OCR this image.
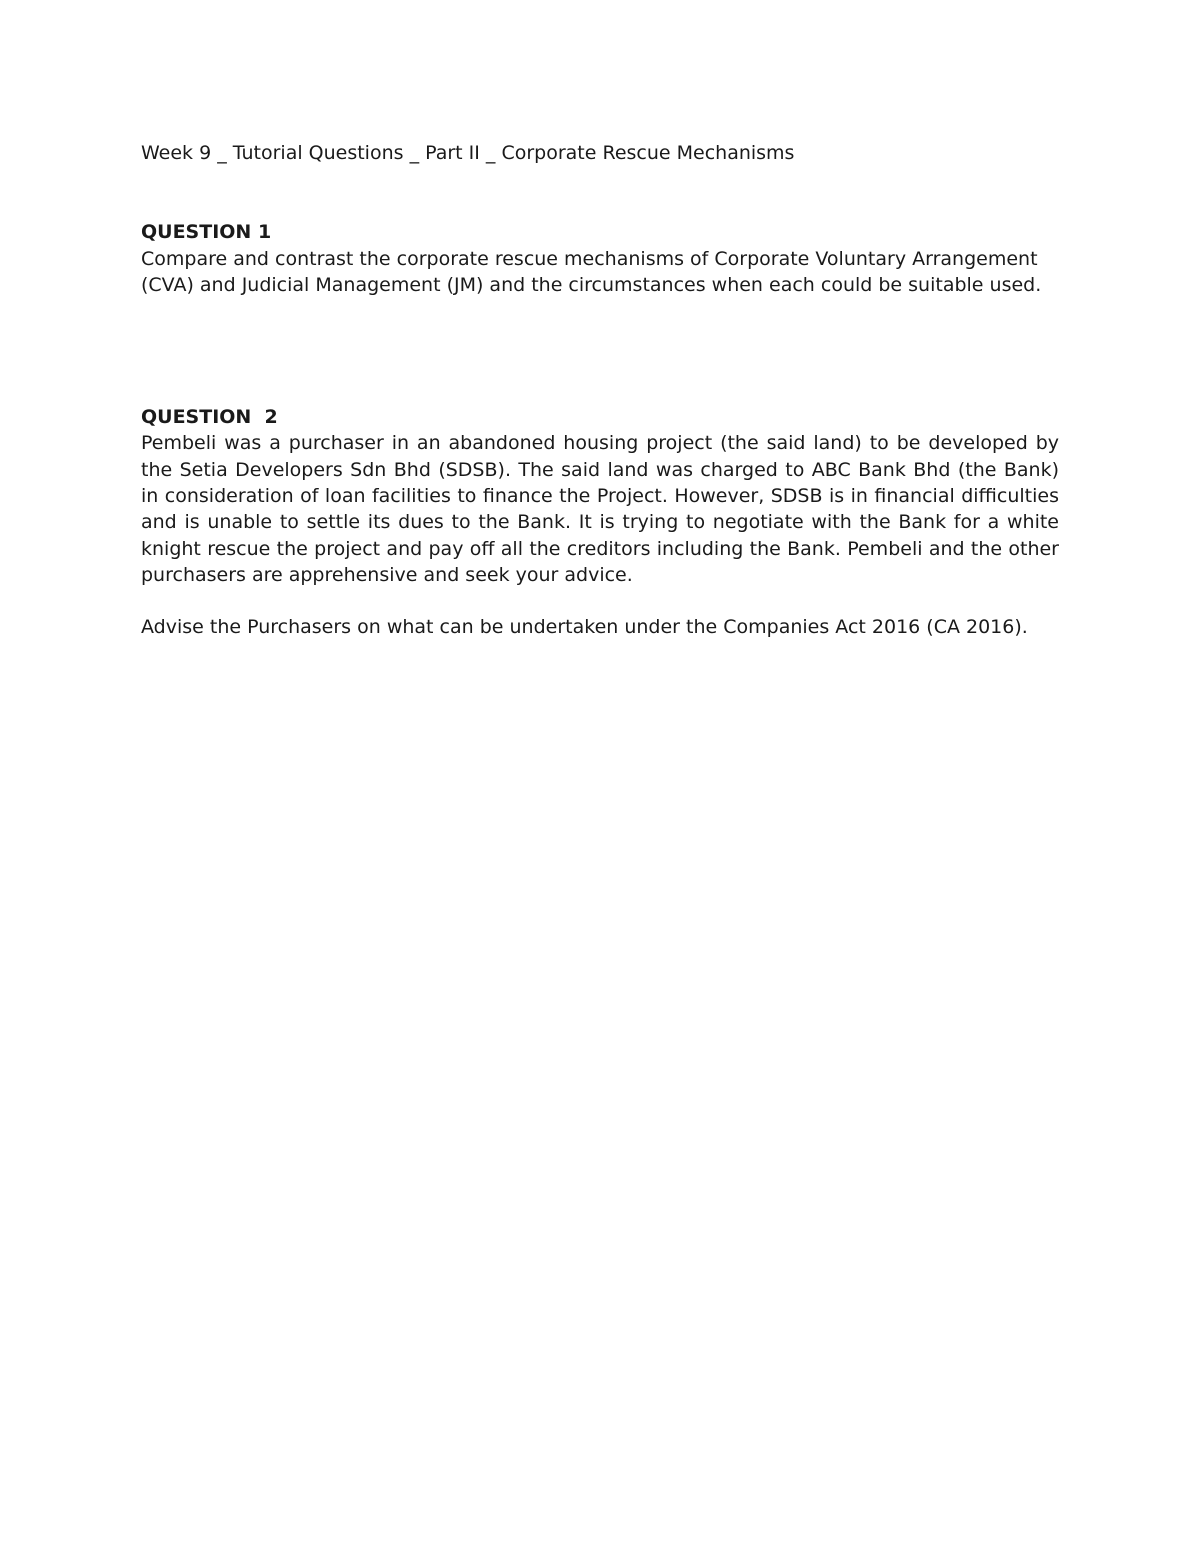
Week 9 _ Tutorial Questions _ Part II _ Corporate Rescue Mechanisms
QUESTION 1

Compare and contrast the corporate rescue mechanisms of Corporate Voluntary Arrangement
(CVA) and Judicial Management (JM) and the circumstances when each could be suitable used.

QUESTION  2

Pembeli was a purchaser in an abandoned housing project (the said land) to be developed by the Setia Developers Sdn Bhd (SDSB). The said land was charged to ABC Bank Bhd (the Bank) in consideration of loan facilities to finance the Project. However, SDSB is in financial difficulties and is unable to settle its dues to the Bank. It is trying to negotiate with the Bank for a white knight rescue the project and pay off all the creditors including the Bank. Pembeli and the other purchasers are apprehensive and seek your advice.

Advise the Purchasers on what can be undertaken under the Companies Act 2016 (CA 2016).
